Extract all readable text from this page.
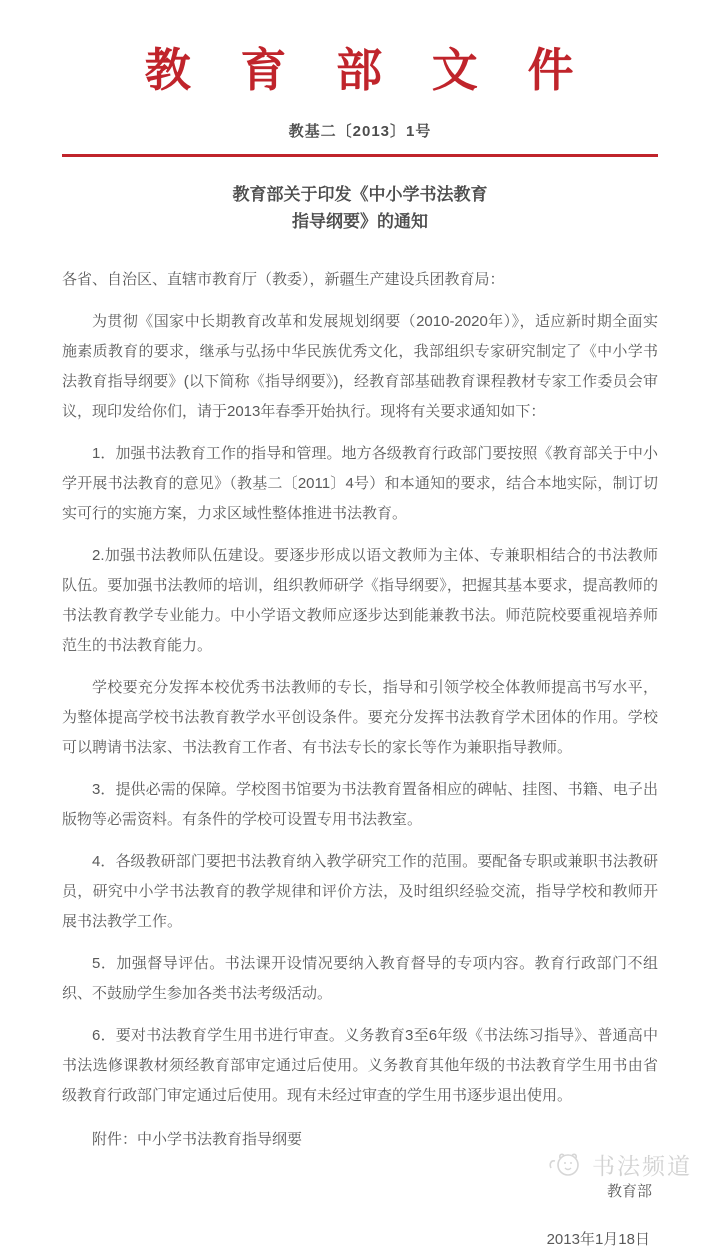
教　育　部　文　件
教基二〔2013〕1号
教育部关于印发《中小学书法教育
指导纲要》的通知
各省、自治区、直辖市教育厅（教委），新疆生产建设兵团教育局：

为贯彻《国家中长期教育改革和发展规划纲要（2010-2020年）》，适应新时期全面实施素质教育的要求，继承与弘扬中华民族优秀文化，我部组织专家研究制定了《中小学书法教育指导纲要》(以下简称《指导纲要》)，经教育部基础教育课程教材专家工作委员会审议，现印发给你们，请于2013年春季开始执行。现将有关要求通知如下：

1．加强书法教育工作的指导和管理。地方各级教育行政部门要按照《教育部关于中小学开展书法教育的意见》（教基二〔2011〕4号）和本通知的要求，结合本地实际，制订切实可行的实施方案，力求区域性整体推进书法教育。

2.加强书法教师队伍建设。要逐步形成以语文教师为主体、专兼职相结合的书法教师队伍。要加强书法教师的培训，组织教师研学《指导纲要》，把握其基本要求，提高教师的书法教育教学专业能力。中小学语文教师应逐步达到能兼教书法。师范院校要重视培养师范生的书法教育能力。

学校要充分发挥本校优秀书法教师的专长，指导和引领学校全体教师提高书写水平，为整体提高学校书法教育教学水平创设条件。要充分发挥书法教育学术团体的作用。学校可以聘请书法家、书法教育工作者、有书法专长的家长等作为兼职指导教师。

3．提供必需的保障。学校图书馆要为书法教育置备相应的碑帖、挂图、书籍、电子出版物等必需资料。有条件的学校可设置专用书法教室。

4．各级教研部门要把书法教育纳入教学研究工作的范围。要配备专职或兼职书法教研员，研究中小学书法教育的教学规律和评价方法，及时组织经验交流，指导学校和教师开展书法教学工作。

5．加强督导评估。书法课开设情况要纳入教育督导的专项内容。教育行政部门不组织、不鼓励学生参加各类书法考级活动。

6．要对书法教育学生用书进行审查。义务教育3至6年级《书法练习指导》、普通高中书法选修课教材须经教育部审定通过后使用。义务教育其他年级的书法教育学生用书由省级教育行政部门审定通过后使用。现有未经过审查的学生用书逐步退出使用。

附件：中小学书法教育指导纲要
教育部
2013年1月18日
书法频道
